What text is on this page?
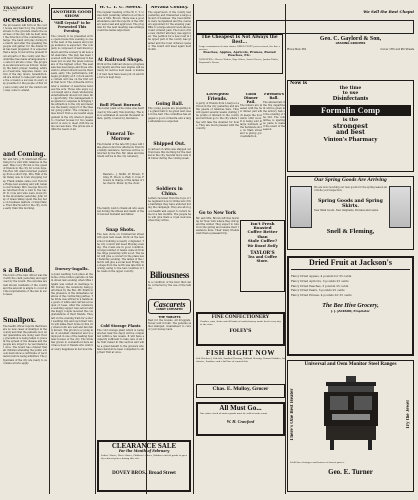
TRANSCRIPT
Aug. 17, 1901
ocessions.
the procession will form at the court house and march by the principal streets to the grounds where the exercises of the day will be held under the direction of the committee in charge. The band will play during the march and after the speaking the people will gather for the dinner that has been prepared. It is expected that a large crowd will be present from all parts of the county and the committee has made arrangements to care for all who come. The program as announced is as follows: music by the band, prayer, reading, address of welcome, response, music, oration of the day, music, benediction. All are invited to take part and make the occasion a success in every way possible for the people of this city and county and for the visitors who may come to attend.
and Coming.
Mr. and Mrs. J. H. Smith left this morning for a visit with relatives in the east. Miss Lucy Brown is the guest of friends in the city for a few days. The Rev. Mr. Allen returned yesterday from a short trip. Mrs. Hall of Penn Valley was in town shopping today. Frank Adams came over from the Ridge last evening and will remain over Sunday. Mrs. George Wood has returned from a visit to the bay. W. D. Cole and wife were down from the mountains yesterday. John Gray of Grass Valley spent the day here on business matters of importance. Fred Morris left for the city on the early train this morning.
s a Bond.
The bond of the new officer was filed with the clerk yesterday and approved by the board. The sureties are well known residents of the county and the amount is ample to cover all the requirements of the law in such cases.
Smallpox.
The health officer reports that there are no new cases of smallpox in the county and that the patients now under quarantine are doing well. Every precaution is being taken to prevent the spread of the disease and the people are urged to be vaccinated at once. The board has ordered that all children attending the public schools must show a certificate of vaccination before being admitted. The physicians of the city are ready to vaccinate all who apply.
ANOTHER GOOD SHOW
"Still Crystal" to be Presented This Evening.
The comedy to be presented at the opera house this evening is one of the best of the season and a large audience is expected. The company is composed of well known players and the scenery is all new and elaborate. The play has been received with favor wherever it has been put on and the press notices are of the highest order. The seat sale has been large and those who wish to attend should secure their seats early. The performance will begin promptly at 8 o'clock and the curtain will rise on the first act at that hour. The orchestra will render a number of selections between the acts. Those who enjoy a good laugh and a clean wholesome entertainment should not miss this opportunity. The management has spared no expense in bringing this attraction to the city and deserves the hearty support of the theater going public. The company comes direct from a successful engagement in the city where it played to crowded houses for two weeks and it is sure to meet with the same success here. The prices are within the reach of all.
Dorsey-Ingalls.
A quiet wedding took place at the home of the bride's parents on Main street last evening when Miss Ingalls was united in marriage to Mr. Dorsey, the ceremony being performed by the Rev. Mr. Smith in the presence of the immediate relatives of the contracting parties. The bride was attired in a handsome gown of white and carried a bouquet of roses. After the ceremony a wedding supper was served and the happy couple received the congratulations of their friends. They left on the evening train for a short wedding trip and upon their return will make their home in this city where both are well and favorably known. The groom is a young man of excellent character and is employed in one of the leading business houses of the city. The bride has grown to womanhood here and has a host of friends who wish her every happiness in her new life.
W. C. T. U. Meets.
The regular meeting of the W. C. T. U. was held yesterday afternoon at the home of Mrs. Brown. There was a good attendance and the reports of the officers were read and approved. The program for the next meeting was arranged and the ladies adjourned.
At Railroad Shops.
Work at the railroad shops is progressing rapidly and the new engine will be ready for service next week. A number of new men have been put on and the force is kept busy.
Boll Plant Burned.
The boiler plant at the mine was destroyed by fire early this morning. The loss is estimated at several thousand dollars, partly covered by insurance.
Funeral To-Morrow
The funeral of the late Mr. Jones will take place tomorrow afternoon from the family residence. Services will be conducted by the Rev. Mr. Allen and interment will be in the city cemetery.
Bearers— J. Smith, W. Brown, F. Gray, H. Wood, A. Hall, C. Cole. Flowers in charge of the ladies of the church. Music by the choir.
The family wish to thank all who assisted during the illness and death of their beloved husband and father.
Snap Shots.
The new store on Commercial street will open next week. Work on the new school building is nearly completed. The city council will meet Monday evening. The roads are in good condition. A large number of teams came in from the ridge yesterday with wood. The band will give a concert in the plaza next Saturday evening. The ladies of the church will give a social next Friday. The stage from the north was late this morning owing to the bad condition of the roads in the upper country.
Cold Storage Plants
The cold storage plant which is being erected near the depot will be completed within a few weeks. It will have a capacity sufficient to take care of all the fruit raised in this section and will be a great benefit to the growers who have heretofore been compelled to ship their fruit at once.
Nevada County.
The supervisors of the county met yesterday and transacted a large amount of business. The road districts were reorganized and the overseers appointed for the ensuing year. Bills to a large amount were allowed and ordered paid. The bond of the new district attorney was approved. The petition for a new road in the upper part of the county was granted and the road ordered opened. The board will meet again next month.
Going Ball.
The young people are preparing for a grand ball to be given next week in the hall. The committee has engaged a good orchestra and a large attendance is expected.
Shipped Out.
A carload of cattle was shipped out from here this morning for the market in the city. Several more cars will follow during the coming week.
Soldiers in China.
Letters received from the boys of the regiment now in China tell of the hardships they have endured during the campaign. They are all in good health and expect to return home in a few months. The people here will give them a royal welcome when they arrive.
Biliousness
Is a condition of the liver that can be corrected by the use of the tablets.
Cascarets
CANDY CATHARTIC
THE TABLETS
Best for the bowels. All druggists. Never sold in bulk. The genuine tablet stamped. Guaranteed to cure or your money back.
The Cheapest Is Not Always the Best...
Large assortment of extra choice DRIED FRUIT just received, the fine varieties:
Peaches, Apples, Apricots, Prunes, Peeled Peaches, Etc.
NOVELTIES—Cheese Wafers, Ripe Olives, Swiss Cheese, Jordan Tables,
Raymond's Bacon.
We Sell the Best Chopsi
Geo. C. Gaylord & Son,
LEADING GROCERS
Phone Main 281	Corner 17th and 9th Streets
Liverpool Friends.
A party of friends from Liverpool arrived in the city yesterday and are the guests of relatives here. They will spend several weeks visiting the points of interest in the county and will then go to the city where they will take the steamer for home. They are much pleased with the country.
Go to New York
Mr. and Mrs. Brown left this morning for New York where they will spend the winter. They expect to return in the spring and resume their residence here. Their many friends wish them a pleasant trip.
Good Dinner Pail.
The miners are pleased with the new dinner pail which keeps the food warm until noon. It is being sold in large numbers at the hardware store on Main street and is giving good satisfaction.
Firemen's Ball.
The annual ball of the fire department will be given in the armory hall on the evening of the 22d. The committee is sparing no pains to make it the event of the season.
Isn't Fresh Roasted
Coffee Better than
Stale Coffee?
We Roast Daily
TAYLOR'S
Tea and Coffee
Store.
FINE CONFECTIONERY
Candies, nuts, fruits and all kinds of confectionery made fresh every day at the store.
FOLEY'S
FISH RIGHT NOW
Salt Mackerel, Cod fish, Smoked Herring, Holland Herring, Finnan Haddies, Anchovies, Sardines and a full line of canned fish.
Chas. E. Mulloy, Grocer
All Must Go...
Our entire stock of winter goods must be sold to make room.
W. H. Crawford
CLEARANCE SALE
For the Month of February
Ladies' Shoes, Men's Shoes, Children's Shoes, Rubbers and all goods at greatly reduced prices during this sale.
DOVEY BROS., Broad Street
Now is
the time
to use
Disinfectants
Formalin Comp
is the
strongest
and best
Vinton's Pharmacy
Our Spring Goods Are Arriving
We are now receiving our new goods for the spring season and invite your inspection.
Spring Goods and Spring Skirts.
New Wash Goods, New Ginghams, Percales and Lawns.
Snell & Fleming,
Dried Fruit at Jackson's
Fancy Dried Apples, 4 pounds for 25 cents
Fancy Dried Apricots, 3 pounds 25 cents
Fancy Dried Peaches, 3 pounds 25 cents
Fancy Dried Pears, 3 pounds 25 cents
Fancy Dried Prunes, 4 pounds for 25 cents
The Bee Hive Grocery,
J. J. JACKSON, Proprietor
Universal and Oem Monitor Steel Ranges
There's One Best Heater	Try the Jewel
A full line of ranges and heaters at lowest prices.
Geo. E. Turner
